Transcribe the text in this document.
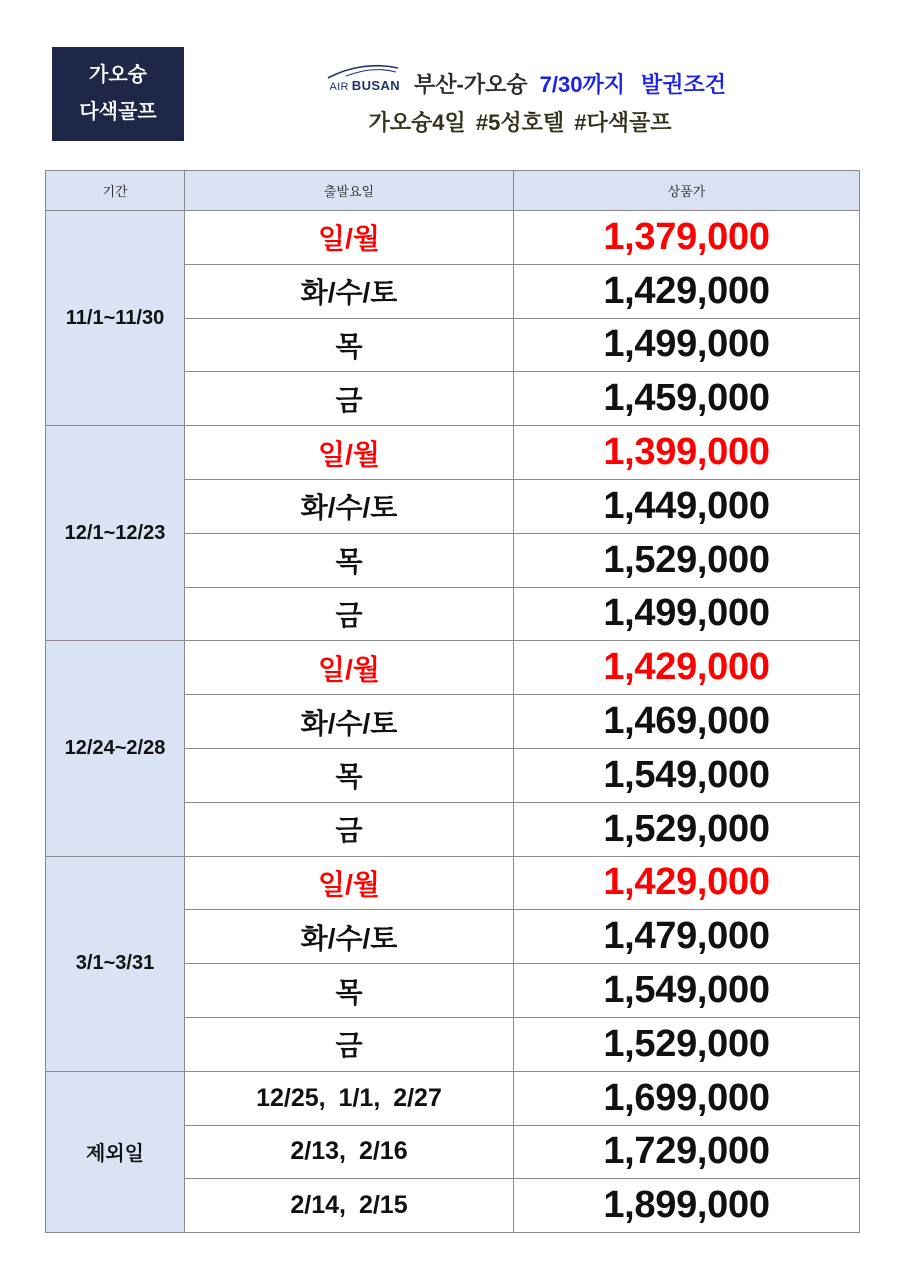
가오슝
다색골프
AIR BUSAN 부산-가오슝 7/30까지 발권조건
가오슝4일 #5성호텔 #다색골프
기간	출발요일	상품가
11/1~11/30	일/월	1,379,000
	화/수/토	1,429,000
	목	1,499,000
	금	1,459,000
12/1~12/23	일/월	1,399,000
	화/수/토	1,449,000
	목	1,529,000
	금	1,499,000
12/24~2/28	일/월	1,429,000
	화/수/토	1,469,000
	목	1,549,000
	금	1,529,000
3/1~3/31	일/월	1,429,000
	화/수/토	1,479,000
	목	1,549,000
	금	1,529,000
제외일	12/25, 1/1, 2/27	1,699,000
	2/13, 2/16	1,729,000
	2/14, 2/15	1,899,000
